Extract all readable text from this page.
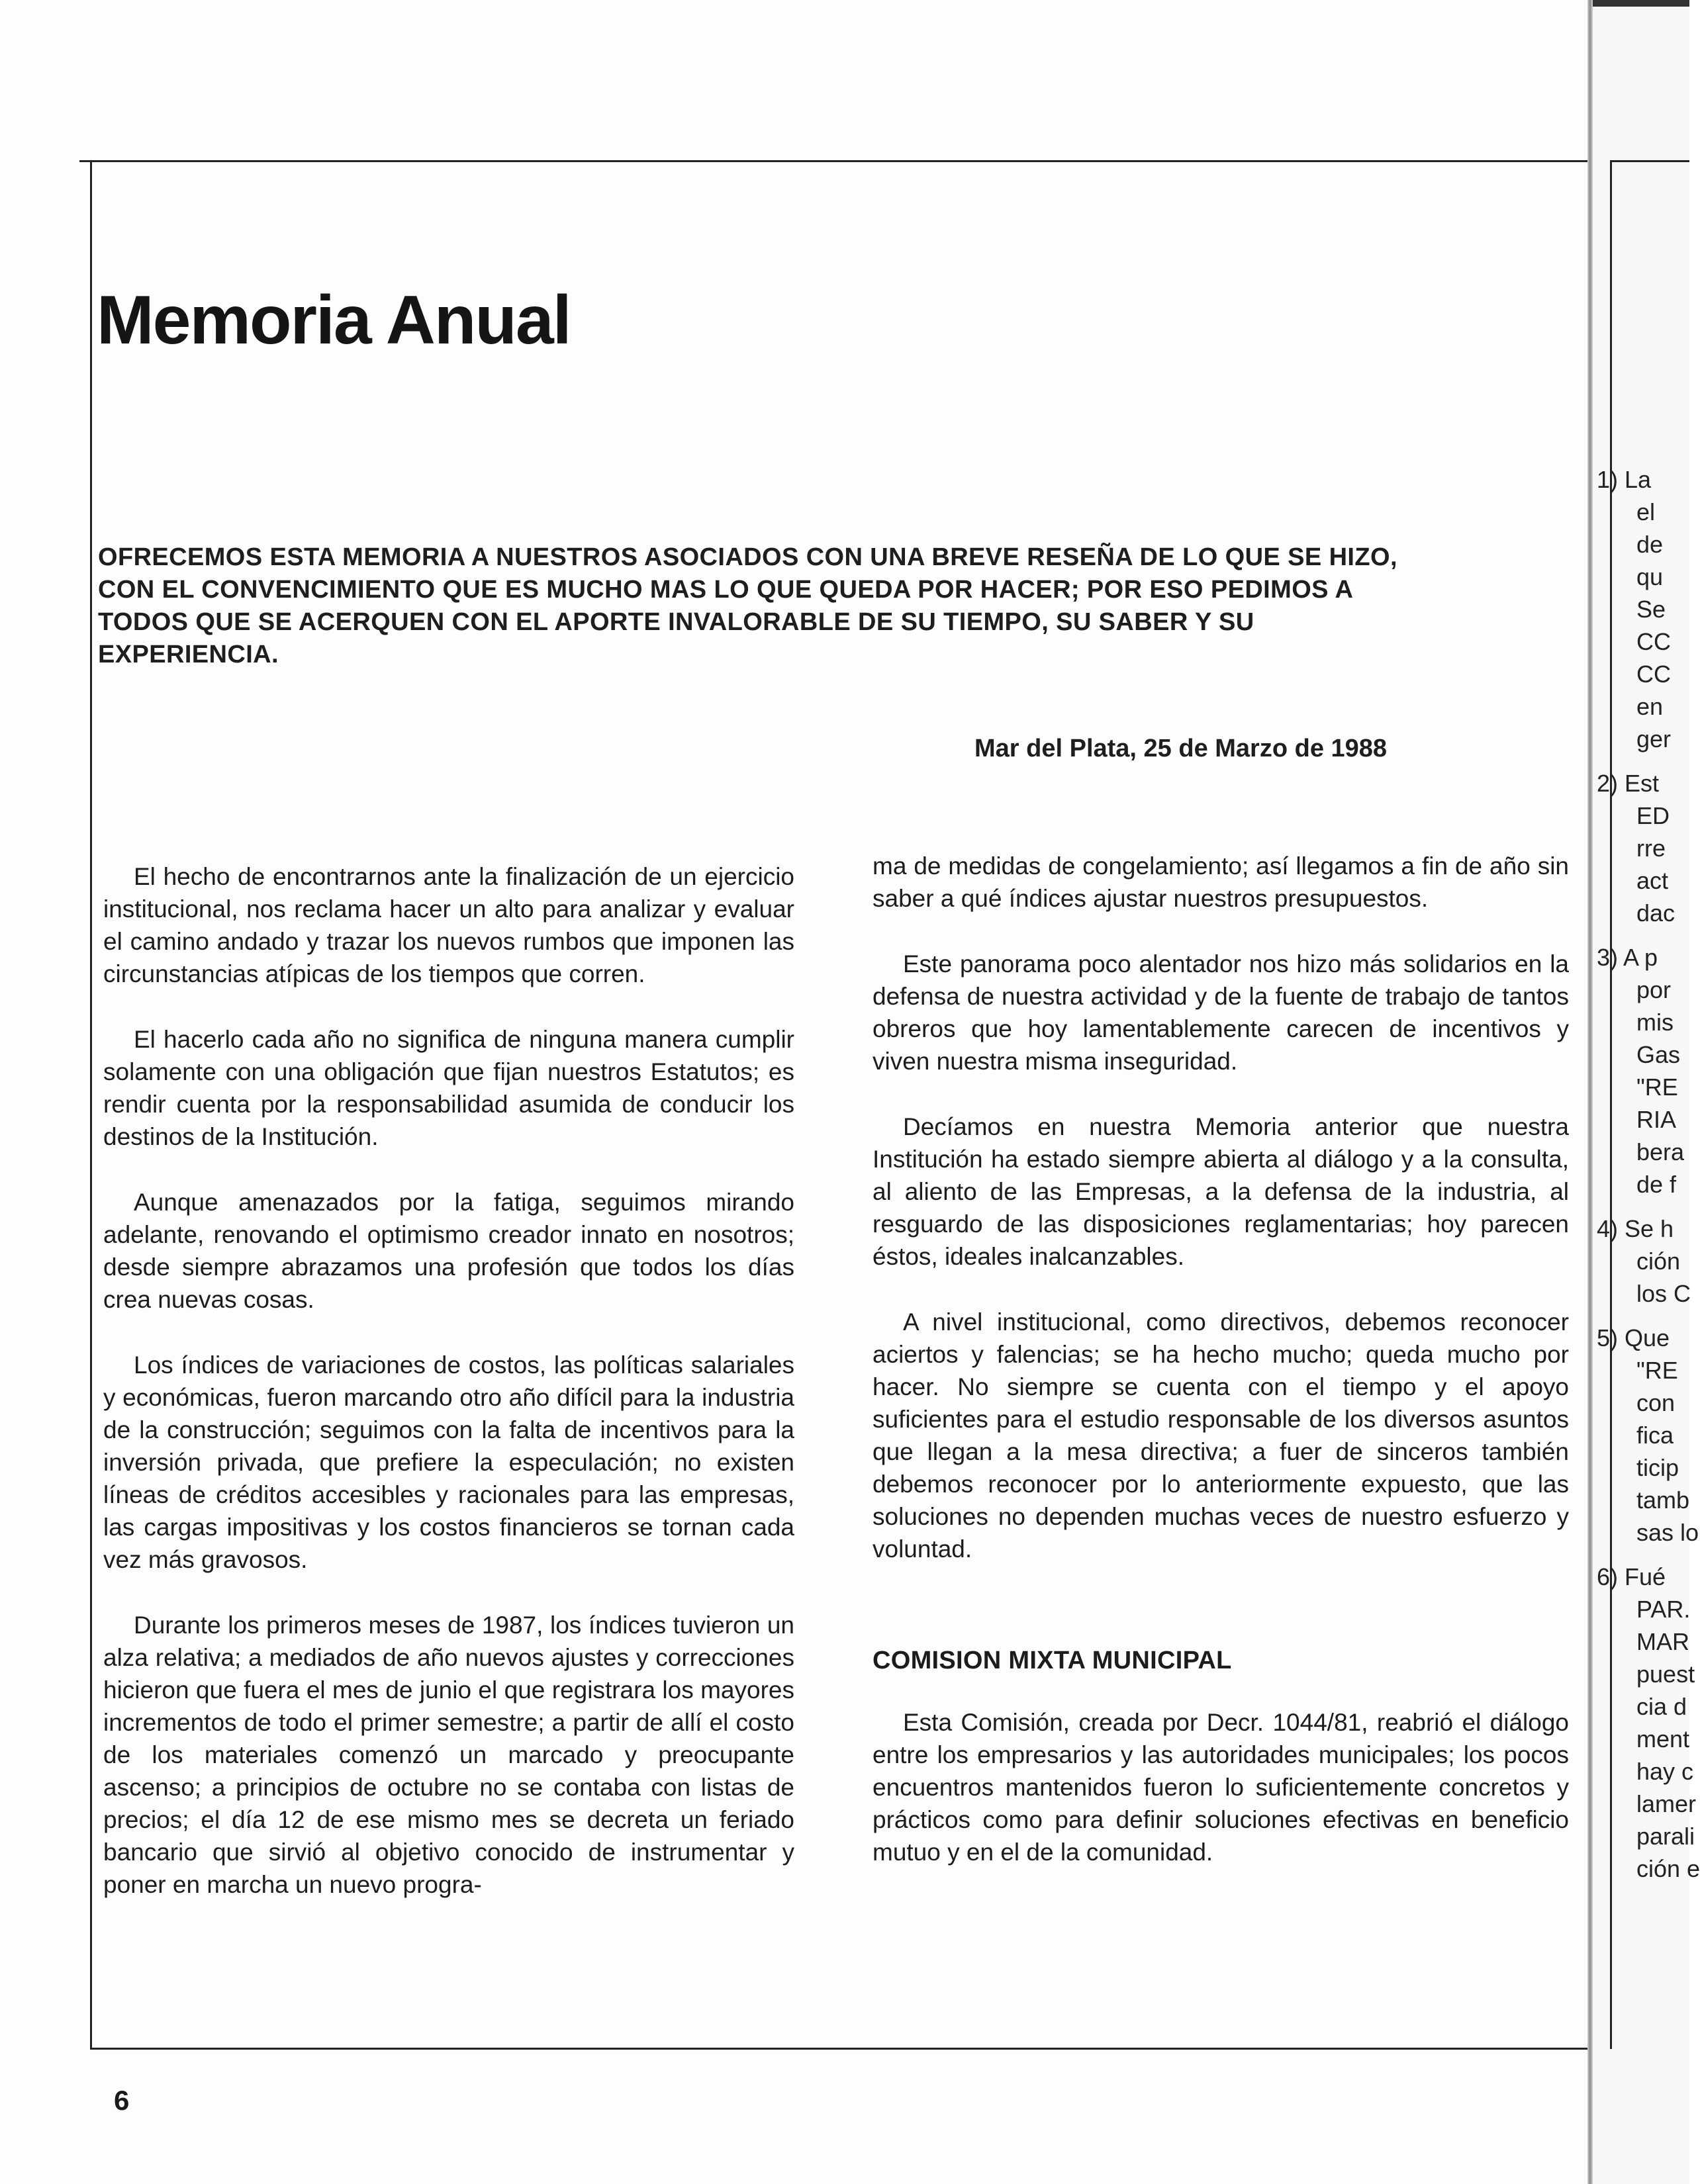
Memoria Anual

OFRECEMOS ESTA MEMORIA A NUESTROS ASOCIADOS CON UNA BREVE RESEÑA DE LO QUE SE HIZO, CON EL CONVENCIMIENTO QUE ES MUCHO MAS LO QUE QUEDA POR HACER; POR ESO PEDIMOS A TODOS QUE SE ACERQUEN CON EL APORTE INVALORABLE DE SU TIEMPO, SU SABER Y SU EXPERIENCIA.

Mar del Plata, 25 de Marzo de 1988

El hecho de encontrarnos ante la finalización de un ejercicio institucional, nos reclama hacer un alto para analizar y evaluar el camino andado y trazar los nuevos rumbos que imponen las circunstancias atípicas de los tiempos que corren.

El hacerlo cada año no significa de ninguna manera cumplir solamente con una obligación que fijan nuestros Estatutos; es rendir cuenta por la responsabilidad asumida de conducir los destinos de la Institución.

Aunque amenazados por la fatiga, seguimos mirando adelante, renovando el optimismo creador innato en nosotros; desde siempre abrazamos una profesión que todos los días crea nuevas cosas.

Los índices de variaciones de costos, las políticas salariales y económicas, fueron marcando otro año difícil para la industria de la construcción; seguimos con la falta de incentivos para la inversión privada, que prefiere la especulación; no existen líneas de créditos accesibles y racionales para las empresas, las cargas impositivas y los costos financieros se tornan cada vez más gravosos.

Durante los primeros meses de 1987, los índices tuvieron un alza relativa; a mediados de año nuevos ajustes y correcciones hicieron que fuera el mes de junio el que registrara los mayores incrementos de todo el primer semestre; a partir de allí el costo de los materiales comenzó un marcado y preocupante ascenso; a principios de octubre no se contaba con listas de precios; el día 12 de ese mismo mes se decreta un feriado bancario que sirvió al objetivo conocido de instrumentar y poner en marcha un nuevo progra-

ma de medidas de congelamiento; así llegamos a fin de año sin saber a qué índices ajustar nuestros presupuestos.

Este panorama poco alentador nos hizo más solidarios en la defensa de nuestra actividad y de la fuente de trabajo de tantos obreros que hoy lamentablemente carecen de incentivos y viven nuestra misma inseguridad.

Decíamos en nuestra Memoria anterior que nuestra Institución ha estado siempre abierta al diálogo y a la consulta, al aliento de las Empresas, a la defensa de la industria, al resguardo de las disposiciones reglamentarias; hoy parecen éstos, ideales inalcanzables.

A nivel institucional, como directivos, debemos reconocer aciertos y falencias; se ha hecho mucho; queda mucho por hacer. No siempre se cuenta con el tiempo y el apoyo suficientes para el estudio responsable de los diversos asuntos que llegan a la mesa directiva; a fuer de sinceros también debemos reconocer por lo anteriormente expuesto, que las soluciones no dependen muchas veces de nuestro esfuerzo y voluntad.

COMISION MIXTA MUNICIPAL

Esta Comisión, creada por Decr. 1044/81, reabrió el diálogo entre los empresarios y las autoridades municipales; los pocos encuentros mantenidos fueron lo suficientemente concretos y prácticos como para definir soluciones efectivas en beneficio mutuo y en el de la comunidad.

6

1) La
el
de
qu
Se
CC
CC
en
ger
2) Est
ED
rre
act
dac
3) A p
por
mis
Gas
"RE
RIA
bera
de f
4) Se h
ción
los C
5) Que
"RE
con
fica
ticip
tamb
sas lo
6) Fué
PAR.
MAR
puest
cia d
ment
hay c
lamer
parali
ción e
